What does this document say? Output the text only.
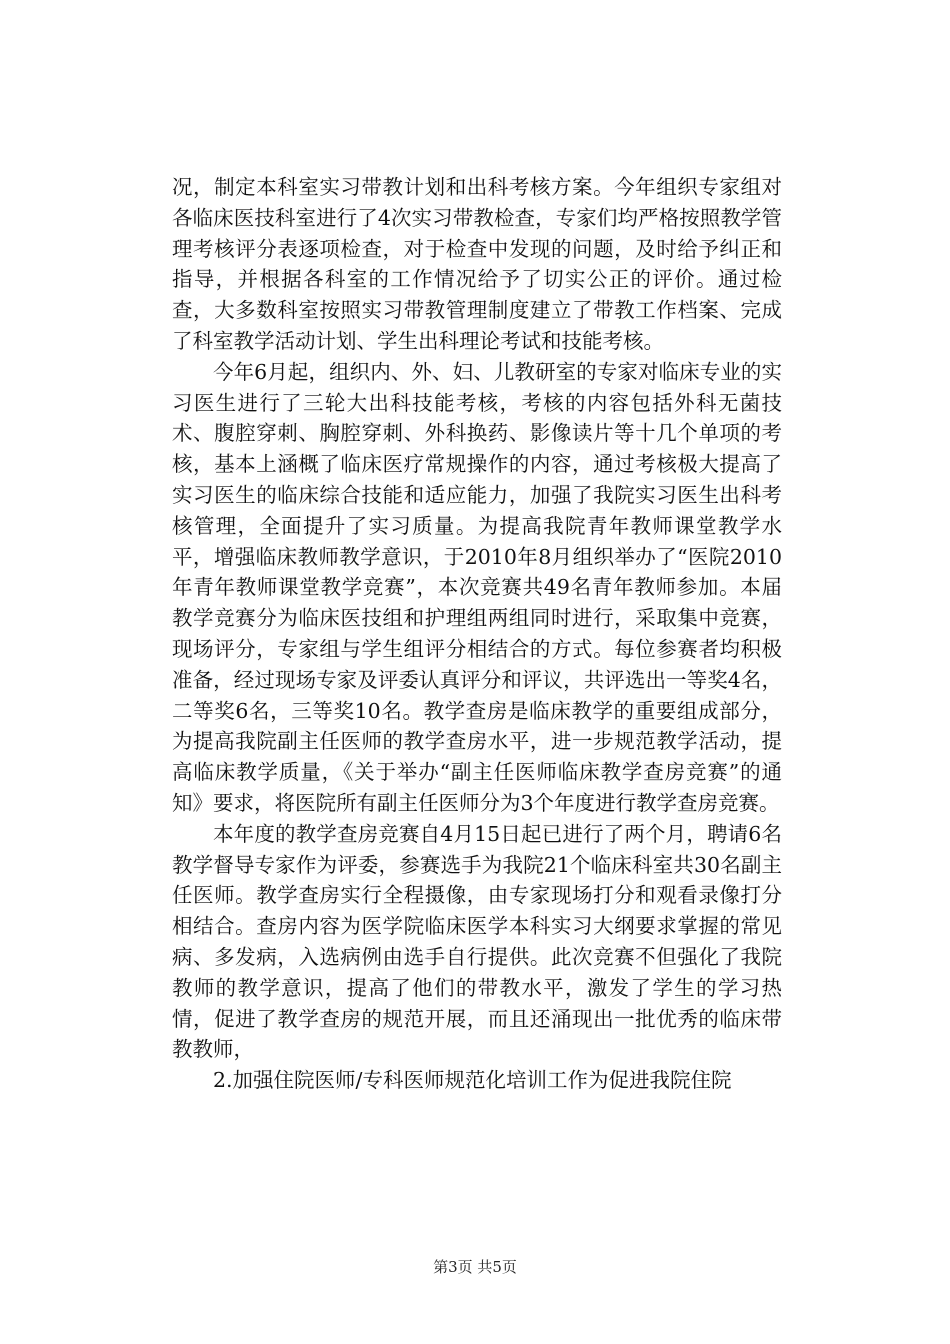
况，制定本科室实习带教计划和出科考核方案。今年组织专家组对各临床医技科室进行了4次实习带教检查，专家们均严格按照教学管理考核评分表逐项检查，对于检查中发现的问题，及时给予纠正和指导，并根据各科室的工作情况给予了切实公正的评价。通过检查，大多数科室按照实习带教管理制度建立了带教工作档案、完成了科室教学活动计划、学生出科理论考试和技能考核。

今年6月起，组织内、外、妇、儿教研室的专家对临床专业的实习医生进行了三轮大出科技能考核，考核的内容包括外科无菌技术、腹腔穿刺、胸腔穿刺、外科换药、影像读片等十几个单项的考核，基本上涵概了临床医疗常规操作的内容，通过考核极大提高了实习医生的临床综合技能和适应能力，加强了我院实习医生出科考核管理，全面提升了实习质量。为提高我院青年教师课堂教学水平，增强临床教师教学意识，于2010年8月组织举办了“医院2010年青年教师课堂教学竞赛”，本次竞赛共49名青年教师参加。本届教学竞赛分为临床医技组和护理组两组同时进行，采取集中竞赛，现场评分，专家组与学生组评分相结合的方式。每位参赛者均积极准备，经过现场专家及评委认真评分和评议，共评选出一等奖4名，二等奖6名，三等奖10名。教学查房是临床教学的重要组成部分，为提高我院副主任医师的教学查房水平，进一步规范教学活动，提高临床教学质量，《关于举办“副主任医师临床教学查房竞赛”的通知》要求，将医院所有副主任医师分为3个年度进行教学查房竞赛。

本年度的教学查房竞赛自4月15日起已进行了两个月，聘请6名教学督导专家作为评委，参赛选手为我院21个临床科室共30名副主任医师。教学查房实行全程摄像，由专家现场打分和观看录像打分相结合。查房内容为医学院临床医学本科实习大纲要求掌握的常见病、多发病，入选病例由选手自行提供。此次竞赛不但强化了我院教师的教学意识，提高了他们的带教水平，激发了学生的学习热情，促进了教学查房的规范开展，而且还涌现出一批优秀的临床带教教师，

2.加强住院医师/专科医师规范化培训工作为促进我院住院

第3页 共5页
